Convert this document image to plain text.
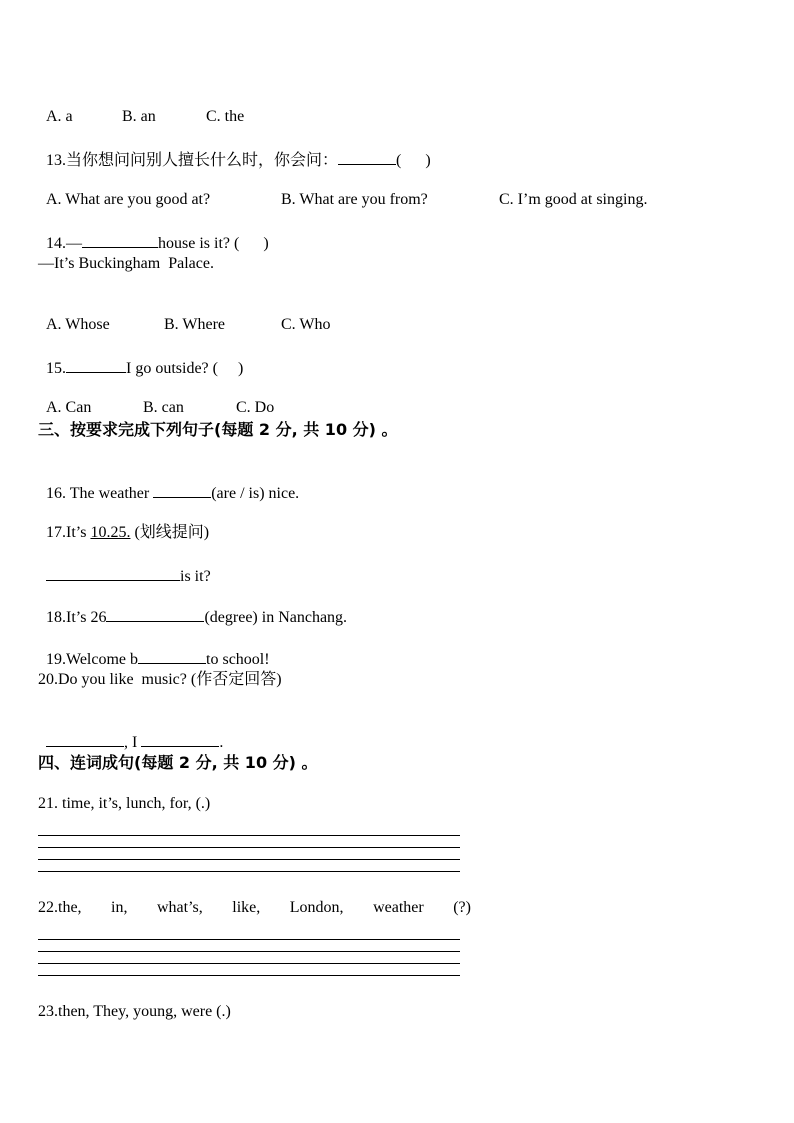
A. a	B. an	C. the

13.当你想问问别人擅长什么时，你会问：	(      )

A. What are you good at?	B. What are you from?	C. I’m good at singing.

14.—	house is it? (      )

—It’s Buckingham  Palace.

A. Whose	B. Where	C. Who

15.	I go outside? (     )

A. Can	B. can	C. Do

三、按要求完成下列句子(每题 2 分, 共 10 分) 。

16. The weather	(are / is) nice.

17.It’s 10.25. (划线提问)

is it?

18.It’s 26	(degree) in Nanchang.

19.Welcome b	to school!

20.Do you like  music? (作否定回答)

, I	.

四、连词成句(每题 2 分, 共 10 分) 。
21. time, it’s, lunch, for, (.)
22.the, in, what’s, like, London, weather (?)
23.then, They, young, were (.)
